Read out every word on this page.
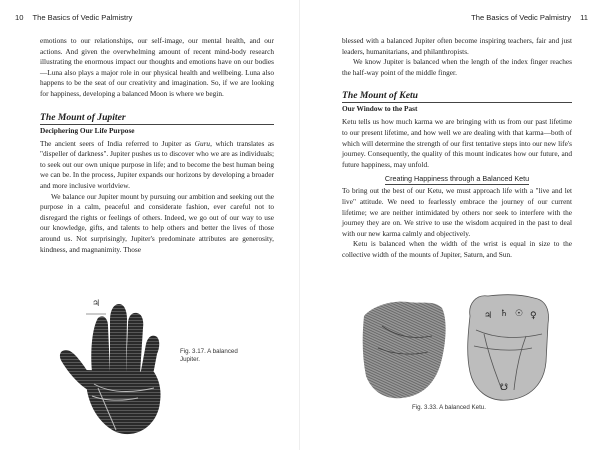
10 The Basics of Vedic Palmistry

emotions to our relationships, our self-image, our mental health, and our actions. And given the overwhelming amount of recent mind-body research illustrating the enormous impact our thoughts and emotions have on our bodies—Luna also plays a major role in our physical health and wellbeing. Luna also happens to be the seat of our creativity and imagination. So, if we are looking for happiness, developing a balanced Moon is where we begin.

The Mount of Jupiter
Deciphering Our Life Purpose

The ancient seers of India referred to Jupiter as Guru, which translates as "dispeller of darkness". Jupiter pushes us to discover who we are as individuals; to seek out our own unique purpose in life; and to become the best human being we can be. In the process, Jupiter expands our horizons by developing a broader and more inclusive worldview.

We balance our Jupiter mount by pursuing our ambition and seeking out the purpose in a calm, peaceful and considerate fashion, ever careful not to disregard the rights or feelings of others. Indeed, we go out of our way to use our knowledge, gifts, and talents to help others and better the lives of those around us. Not surprisingly, Jupiter's predominate attributes are generosity, kindness, and magnanimity. Those

♃
Fig. 3.17. A balanced Jupiter.
The Basics of Vedic Palmistry 11

blessed with a balanced Jupiter often become inspiring teachers, fair and just leaders, humanitarians, and philanthropists.

We know Jupiter is balanced when the length of the index finger reaches the half-way point of the middle finger.

The Mount of Ketu
Our Window to the Past

Ketu tells us how much karma we are bringing with us from our past lifetime to our present lifetime, and how well we are dealing with that karma—both of which will determine the strength of our first tentative steps into our new life's journey. Consequently, the quality of this mount indicates how our future, and future happiness, may unfold.

Creating Happiness through a Balanced Ketu

To bring out the best of our Ketu, we must approach life with a "live and let live" attitude. We need to fearlessly embrace the journey of our current lifetime; we are neither intimidated by others nor seek to interfere with the journey they are on. We strive to use the wisdom acquired in the past to deal with our new karma calmly and objectively.

Ketu is balanced when the width of the wrist is equal in size to the collective width of the mounts of Jupiter, Saturn, and Sun.

♃ ♄ ☉ ♀
☋
Fig. 3.33. A balanced Ketu.
